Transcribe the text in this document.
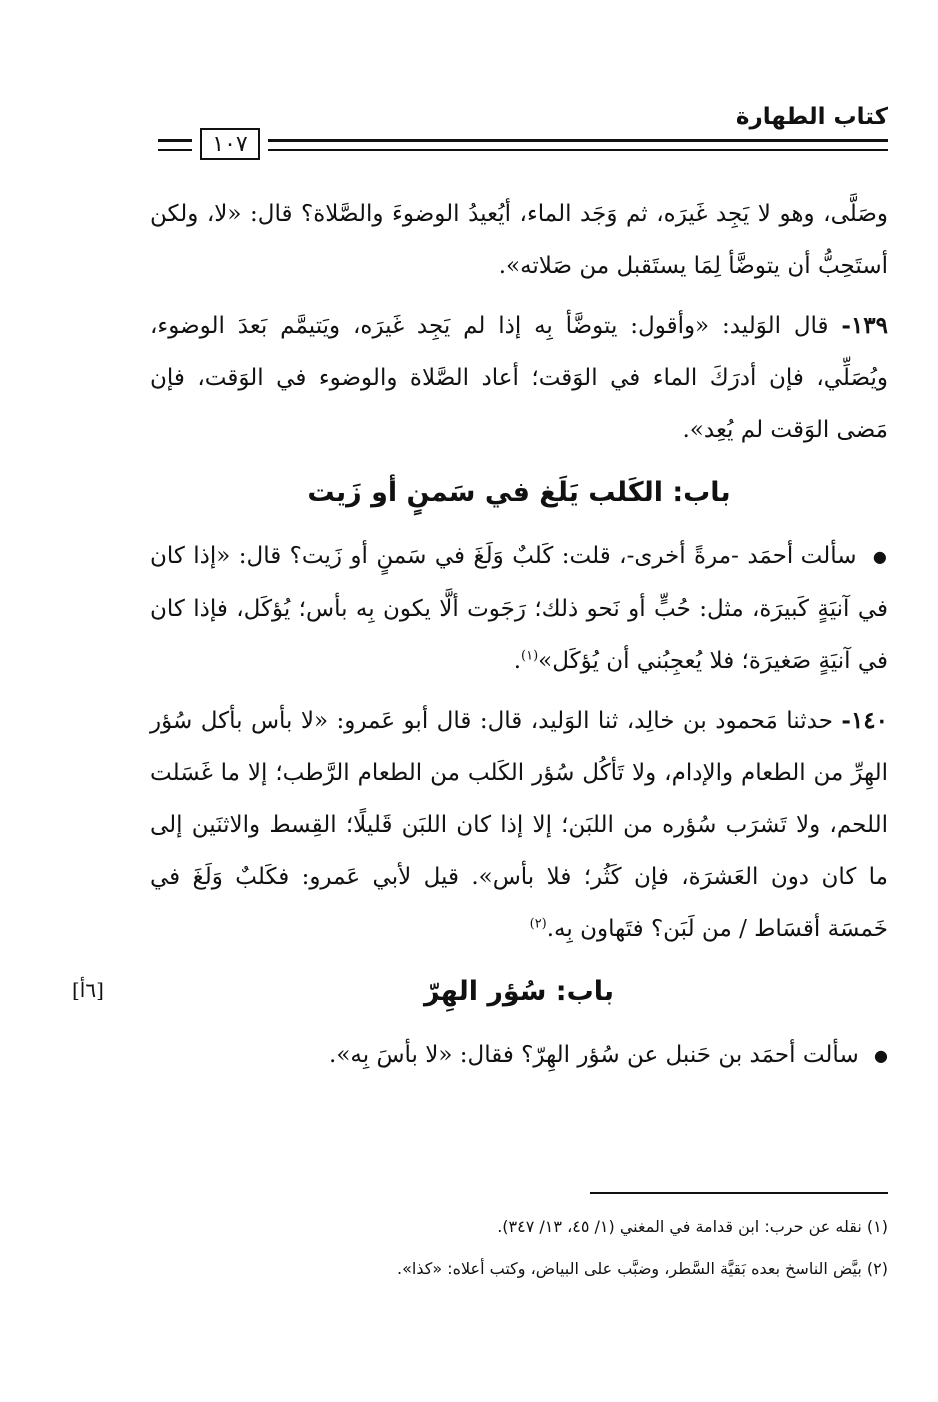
كتاب الطهارة
١٠٧

وصَلَّى، وهو لا يَجِد غَيرَه، ثم وَجَد الماء، أيُعيدُ الوضوءَ والصَّلاة؟ قال: «لا، ولكن أستَحِبُّ أن يتوضَّأ لِمَا يستَقبل من صَلاته».

١٣٩- قال الوَليد: «وأقول: يتوضَّأ بِه إذا لم يَجِد غَيرَه، ويَتيمَّم بَعدَ الوضوء، ويُصَلِّي، فإن أدرَكَ الماء في الوَقت؛ أعاد الصَّلاة والوضوء في الوَقت، فإن مَضى الوَقت لم يُعِد».

باب: الكَلب يَلَغ في سَمنٍ أو زَيت

● سألت أحمَد -مرةً أخرى-، قلت: كَلبٌ وَلَغَ في سَمنٍ أو زَيت؟ قال: «إذا كان في آنيَةٍ كَبيرَة، مثل: حُبٍّ أو نَحو ذلك؛ رَجَوت ألَّا يكون بِه بأس؛ يُؤكَل، فإذا كان في آنيَةٍ صَغيرَة؛ فلا يُعجِبُني أن يُؤكَل»$^{(١)}$.

١٤٠- حدثنا مَحمود بن خالِد، ثنا الوَليد، قال: قال أبو عَمرو: «لا بأس بأكل سُؤر الهِرِّ من الطعام والإدام، ولا تَأكُل سُؤر الكَلب من الطعام الرَّطب؛ إلا ما غَسَلت اللحم، ولا تَشرَب سُؤره من اللبَن؛ إلا إذا كان اللبَن قَليلًا؛ القِسط والاثنَين إلى ما كان دون العَشرَة، فإن كَثُر؛ فلا بأس». قيل لأبي عَمرو: فكَلبٌ وَلَغَ في خَمسَة أقسَاط / من لَبَن؟ فتَهاون بِه.$^{(٢)}$

باب: سُؤر الهِرّ

● سألت أحمَد بن حَنبل عن سُؤر الهِرّ؟ فقال: «لا بأسَ بِه».

[٦أ]

(١) نقله عن حرب: ابن قدامة في المغني (١/ ٤٥، ١٣/ ٣٤٧).

(٢) بيَّض الناسخ بعده بَقيَّة السَّطر، وضبَّب على البياض، وكتب أعلاه: «كذا».
